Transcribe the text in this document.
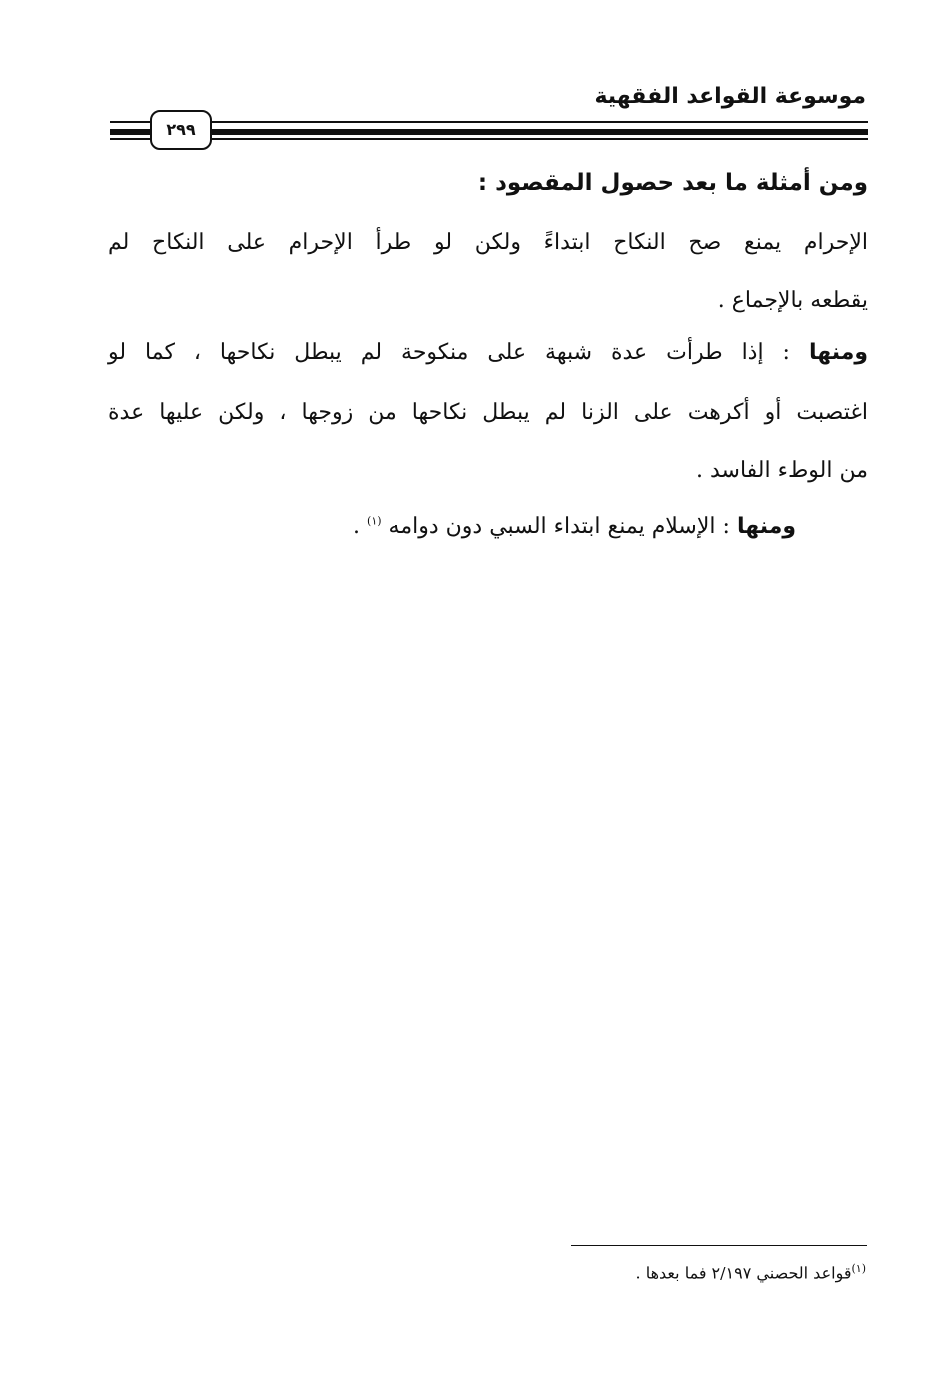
موسوعة القواعد الفقهية
٢٩٩
ومن أمثلة ما بعد حصول المقصود :
الإحرام يمنع صح النكاح ابتداءً ولكن لو طرأ الإحرام على النكاح لم
يقطعه بالإجماع .
ومنها : إذا طرأت عدة شبهة على منكوحة لم يبطل نكاحها ، كما لو
اغتصبت أو أكرهت على الزنا لم يبطل نكاحها من زوجها ، ولكن عليها عدة
من الوطء الفاسد .
ومنها : الإسلام يمنع ابتداء السبي دون دوامه $^{(١)}$ .
$^{(١)}$قواعد الحصني ٢/١٩٧ فما بعدها .
